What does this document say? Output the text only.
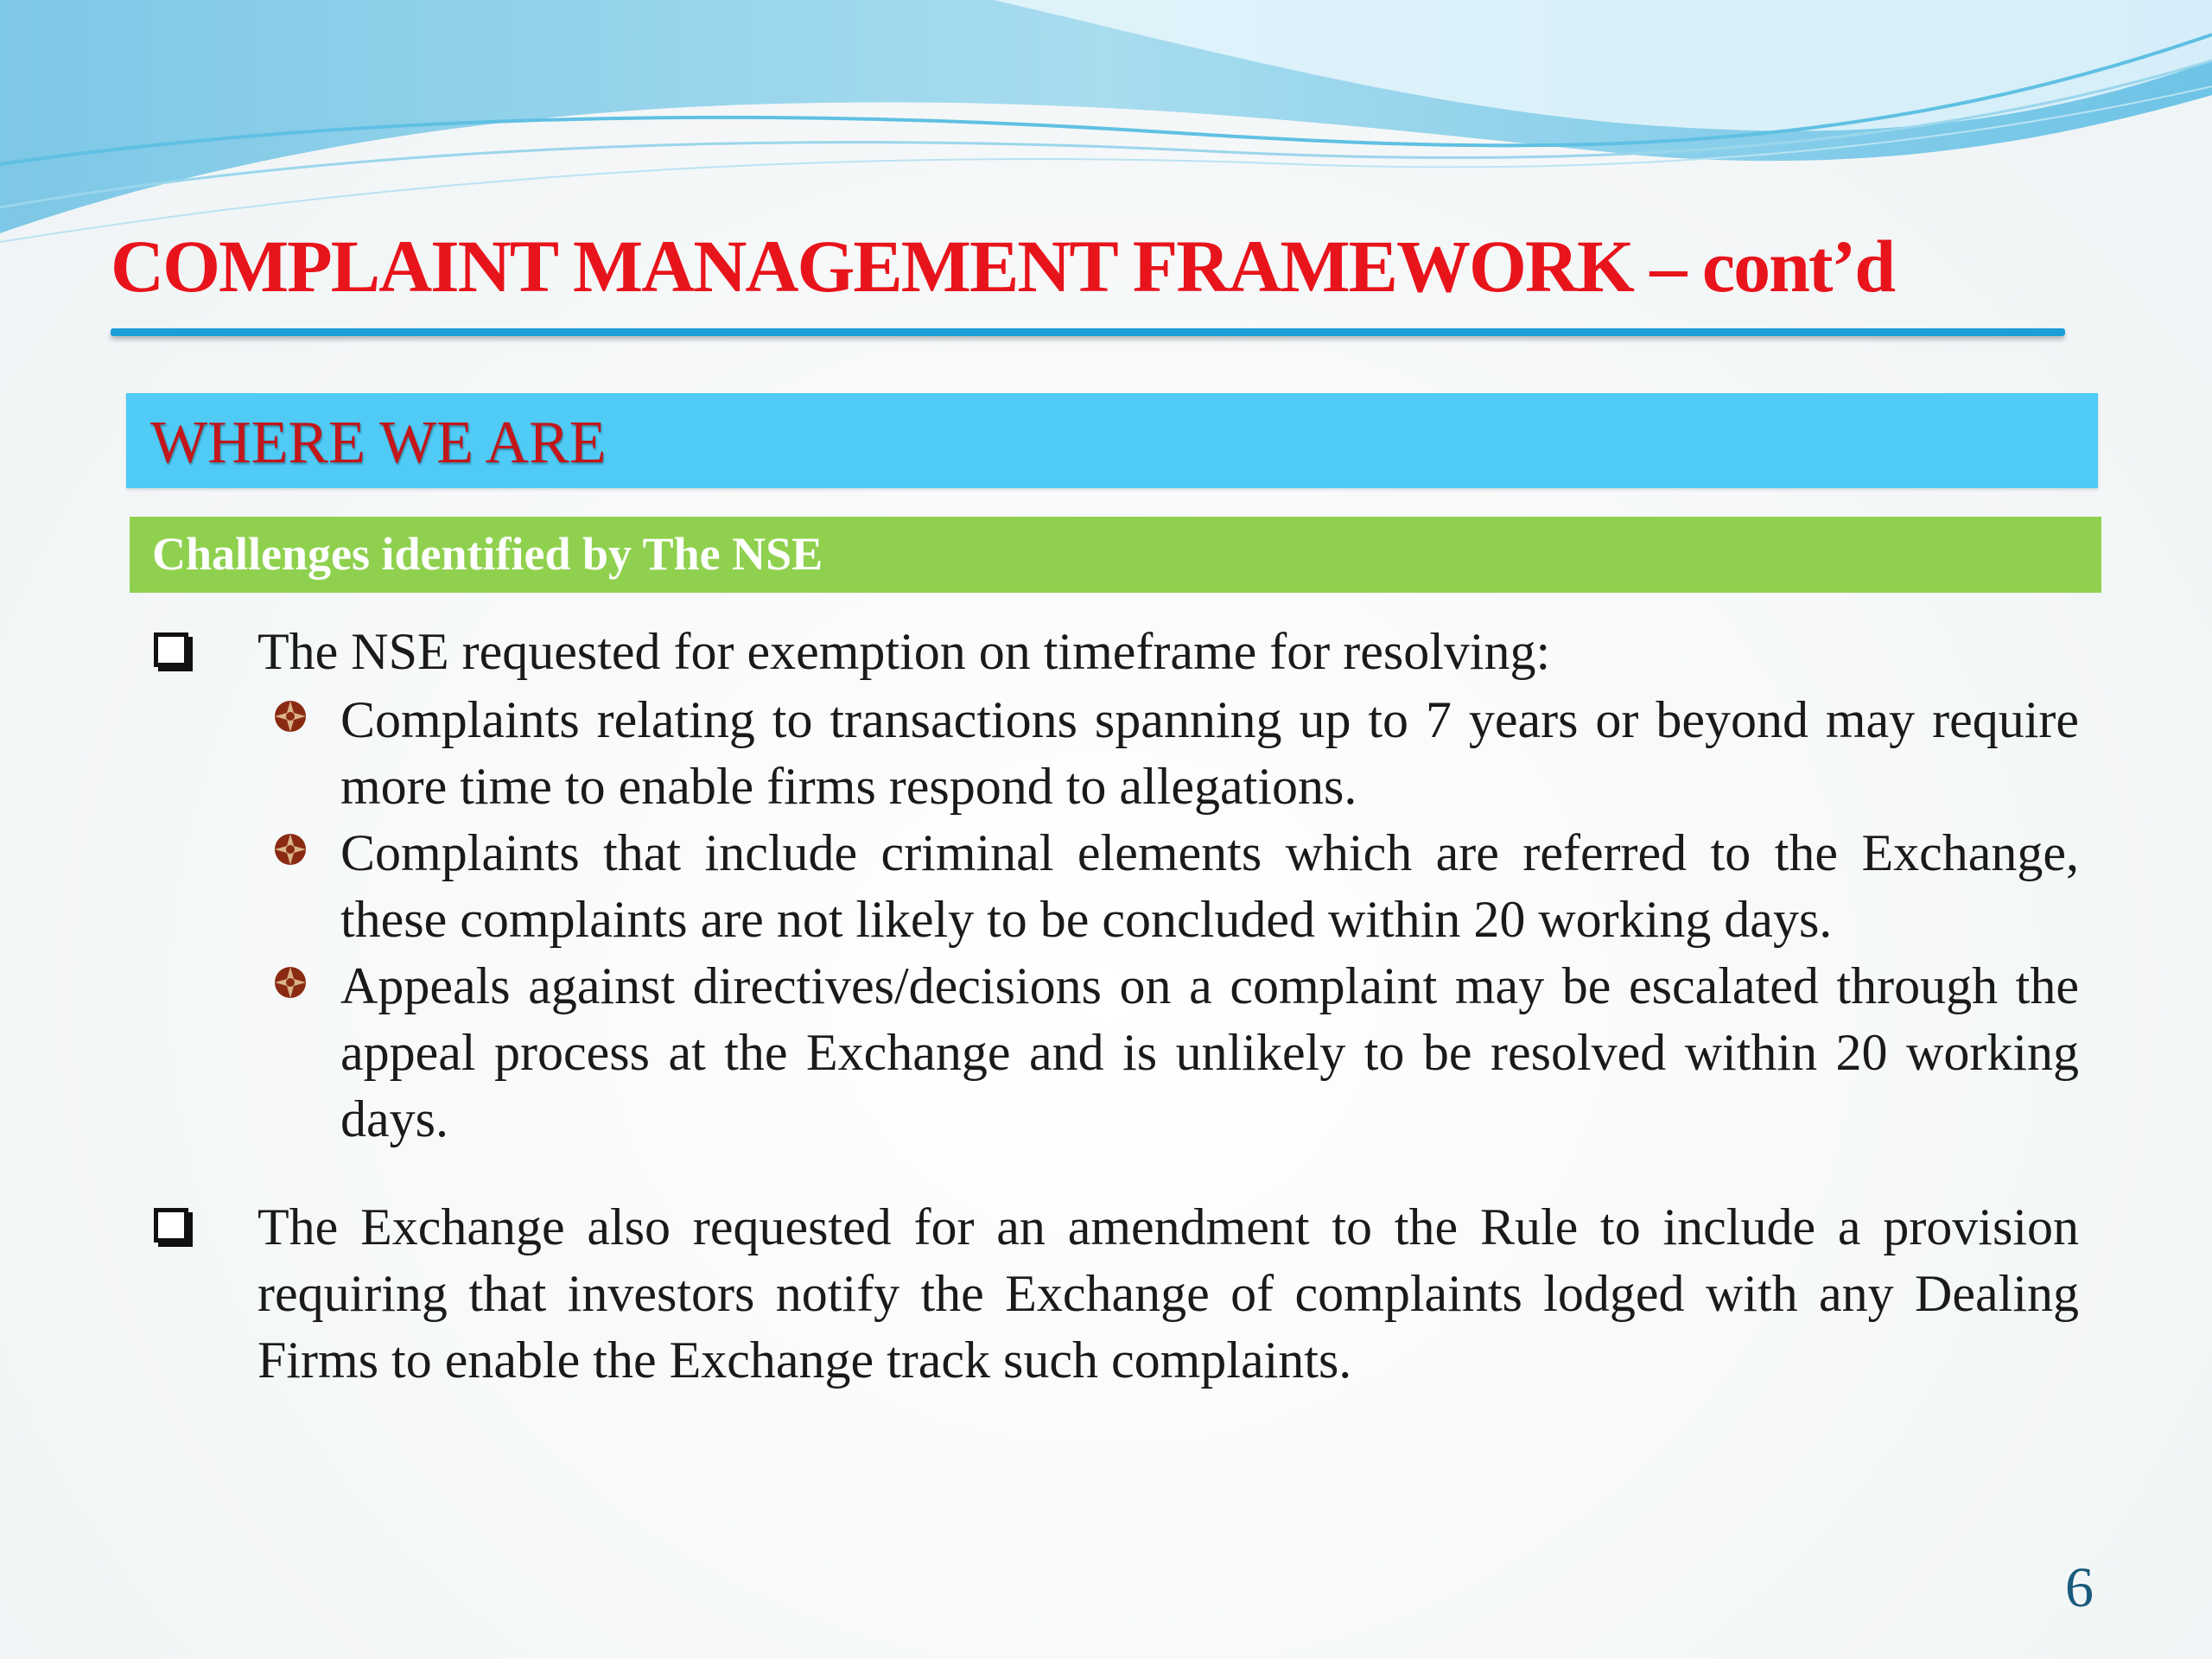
COMPLAINT MANAGEMENT FRAMEWORK – cont’d
WHERE WE ARE
Challenges identified by The NSE
The NSE requested for exemption on timeframe for resolving:
Complaints relating to transactions spanning up to 7 years or beyond may require more time to enable firms respond to allegations.
Complaints that include criminal elements which are referred to the Exchange, these complaints are not likely to be concluded within 20 working days.
Appeals against directives/decisions on a complaint may be escalated through the appeal process at the Exchange and is unlikely to be resolved within 20 working days.
The Exchange also requested for an amendment to the Rule to include a provision requiring that investors notify the Exchange of complaints lodged with any Dealing Firms to enable the Exchange track such complaints.
6
